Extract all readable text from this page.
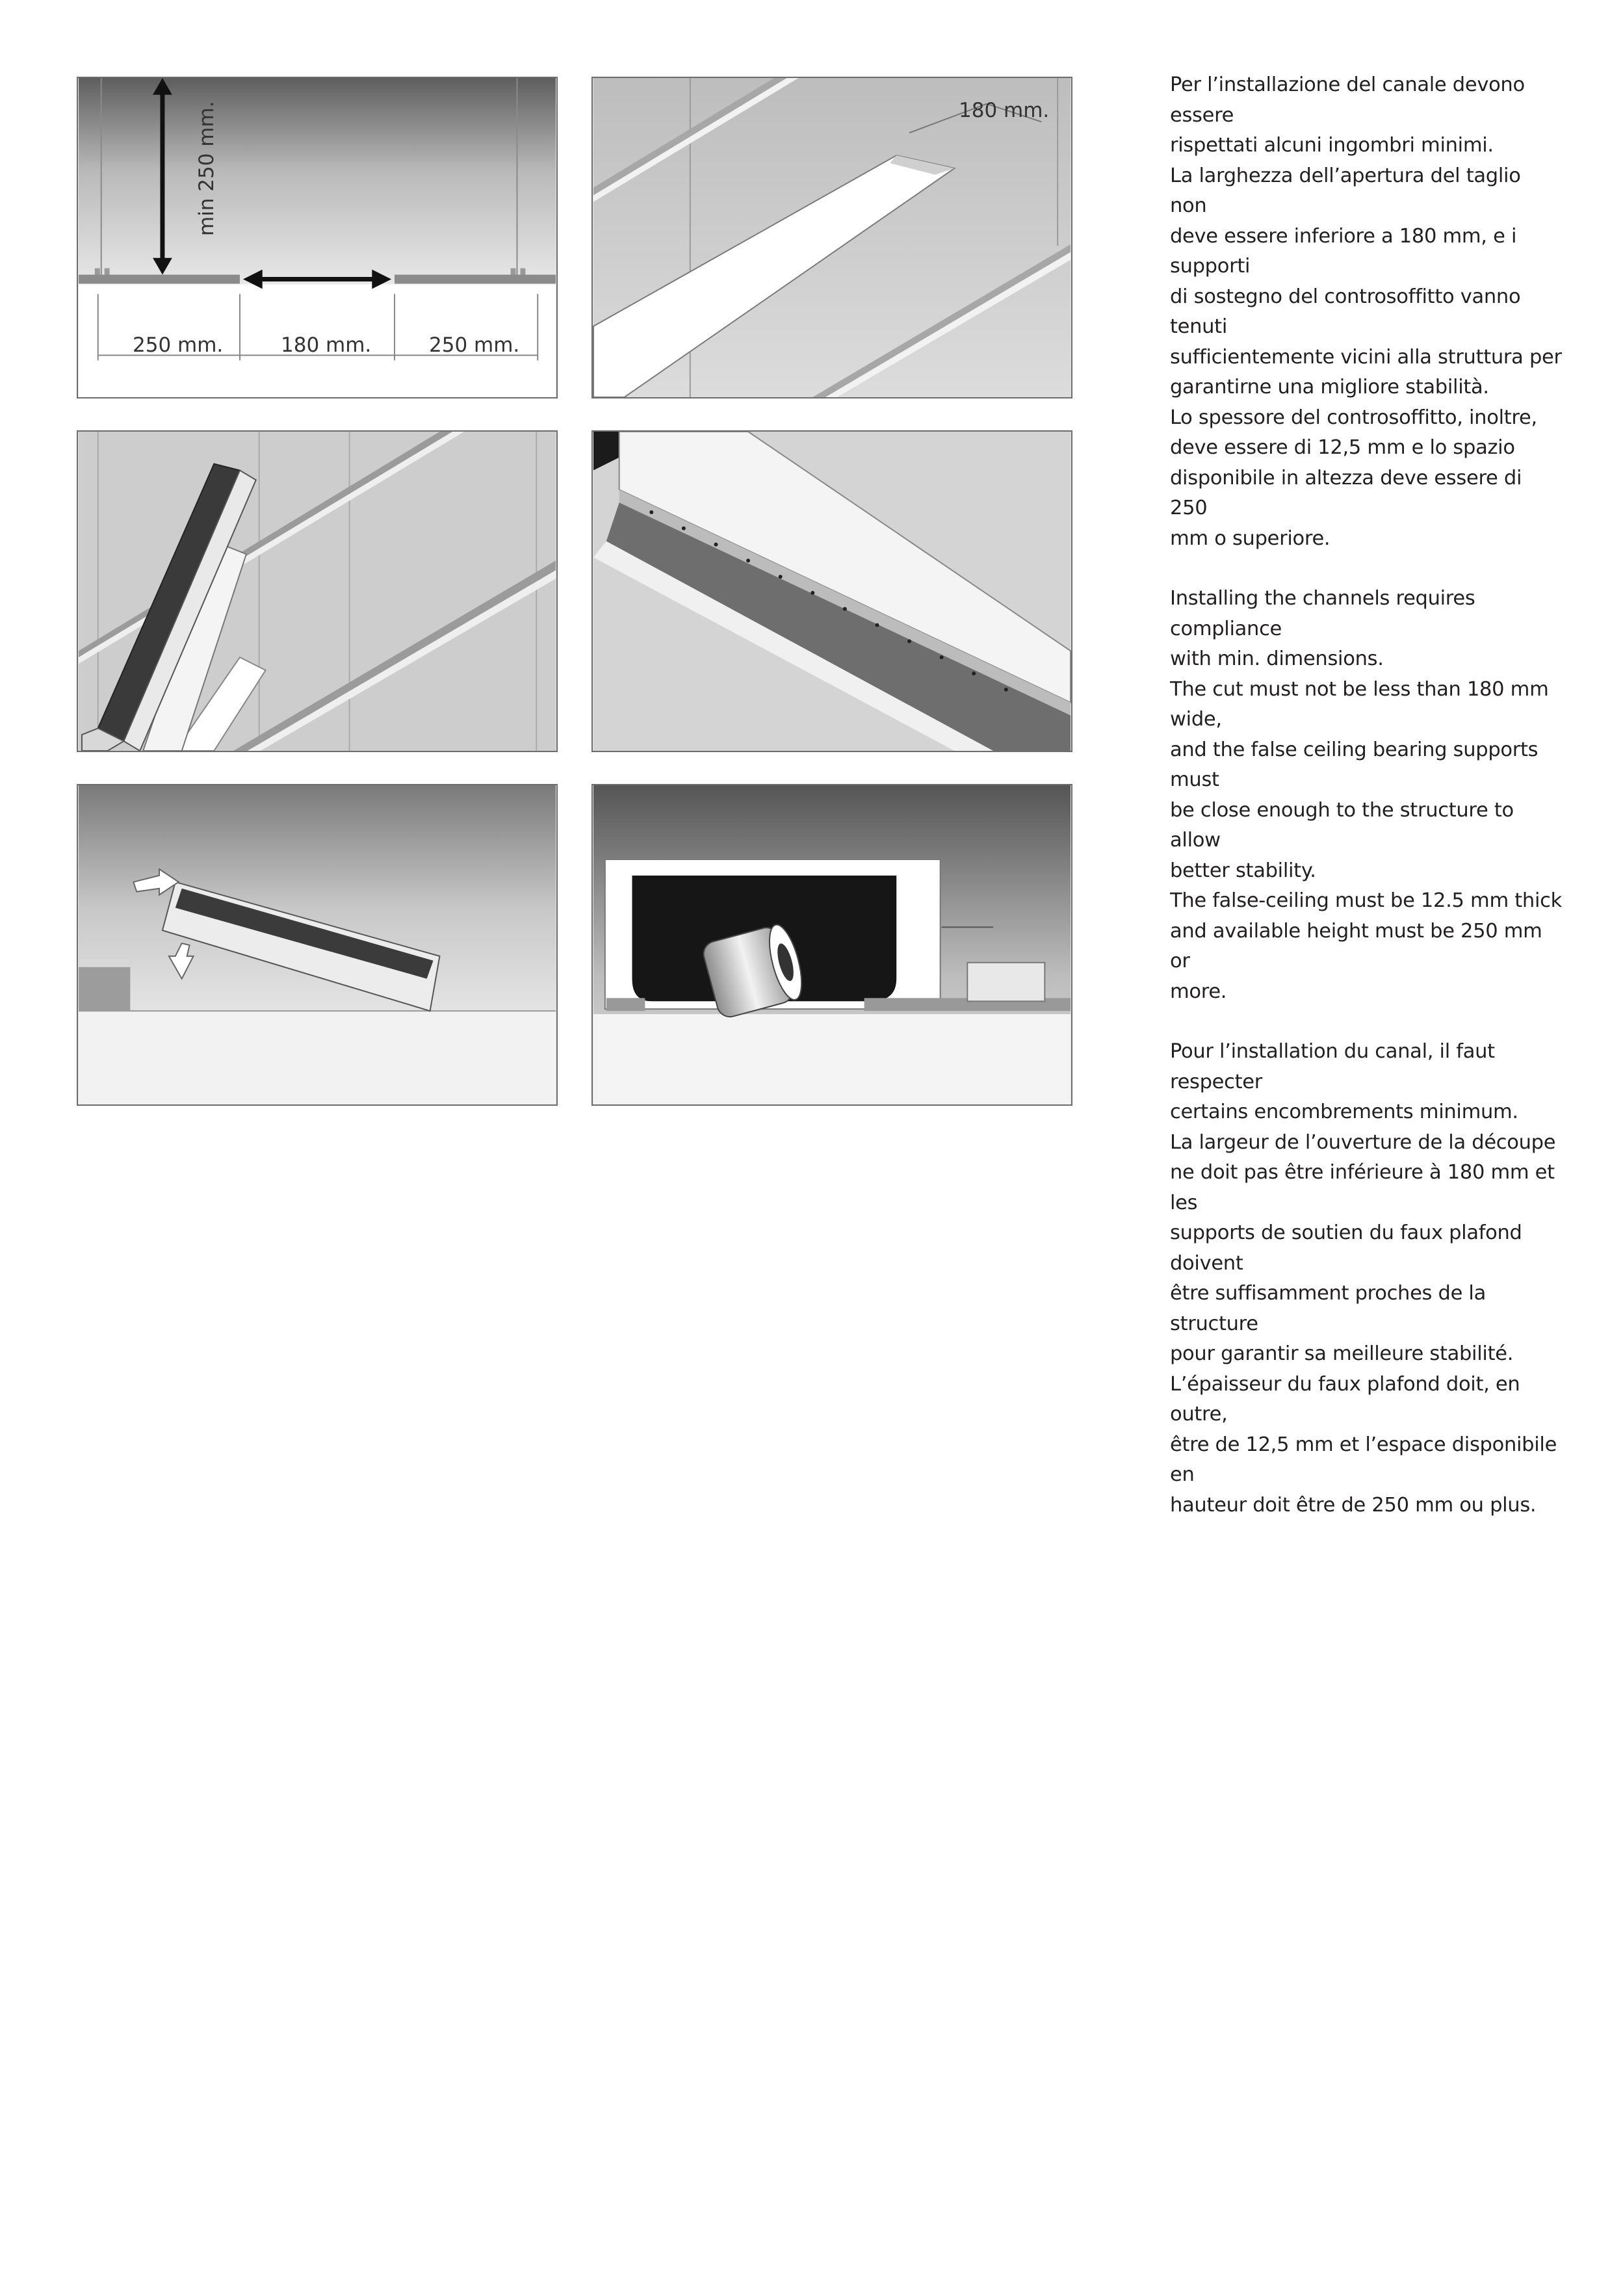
min 250 mm.
250 mm.	180 mm.	250 mm.
180 mm.

Per l’installazione del canale devono essere
rispettati alcuni ingombri minimi.
La larghezza dell’apertura del taglio non
deve essere inferiore a 180 mm, e i supporti
di sostegno del controsoffitto vanno tenuti
sufficientemente vicini alla struttura per
garantirne una migliore stabilità.
Lo spessore del controsoffitto, inoltre,
deve essere di 12,5 mm e lo spazio
disponibile in altezza deve essere di 250
mm o superiore.

Installing the channels requires compliance
with min. dimensions.
The cut must not be less than 180 mm wide,
and the false ceiling bearing supports must
be close enough to the structure to allow
better stability.
The false-ceiling must be 12.5 mm thick
and available height must be 250 mm or
more.

Pour l’installation du canal, il faut respecter
certains encombrements minimum.
La largeur de l’ouverture de la découpe
ne doit pas être inférieure à 180 mm et les
supports de soutien du faux plafond doivent
être suffisamment proches de la structure
pour garantir sa meilleure stabilité.
L’épaisseur du faux plafond doit, en outre,
être de 12,5 mm et l’espace disponibile en
hauteur doit être de 250 mm ou plus.
